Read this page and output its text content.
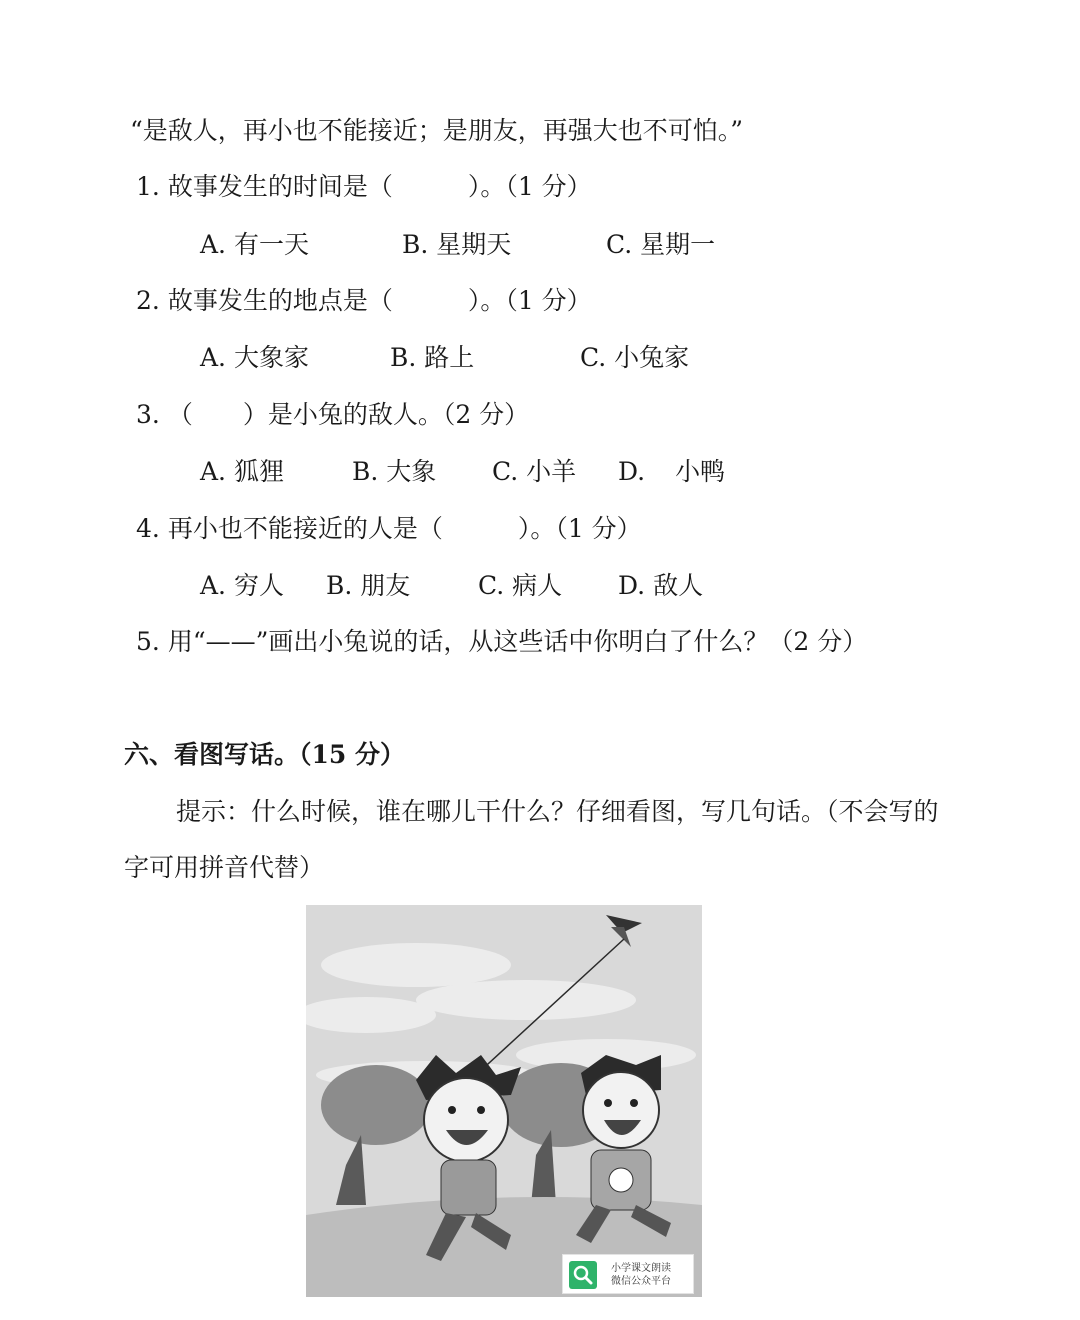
“是敌人，再小也不能接近；是朋友，再强大也不可怕。”
1. 故事发生的时间是（　　　）。（1 分）
A. 有一天	B. 星期天	C. 星期一
2. 故事发生的地点是（　　　）。（1 分）
A. 大象家	B. 路上	C. 小兔家
3. （　　）是小兔的敌人。（2 分）
A. 狐狸	B. 大象 C. 小羊 D. 小鸭
4. 再小也不能接近的人是（　　　）。（1 分）
A. 穷人 B. 朋友	C. 病人 D. 敌人
5. 用“——”画出小兔说的话，从这些话中你明白了什么？（2 分）
六、看图写话。（15 分）
提示：什么时候，谁在哪儿干什么？仔细看图，写几句话。（不会写的
字可用拼音代替）
小学课文朗读
微信公众平台
